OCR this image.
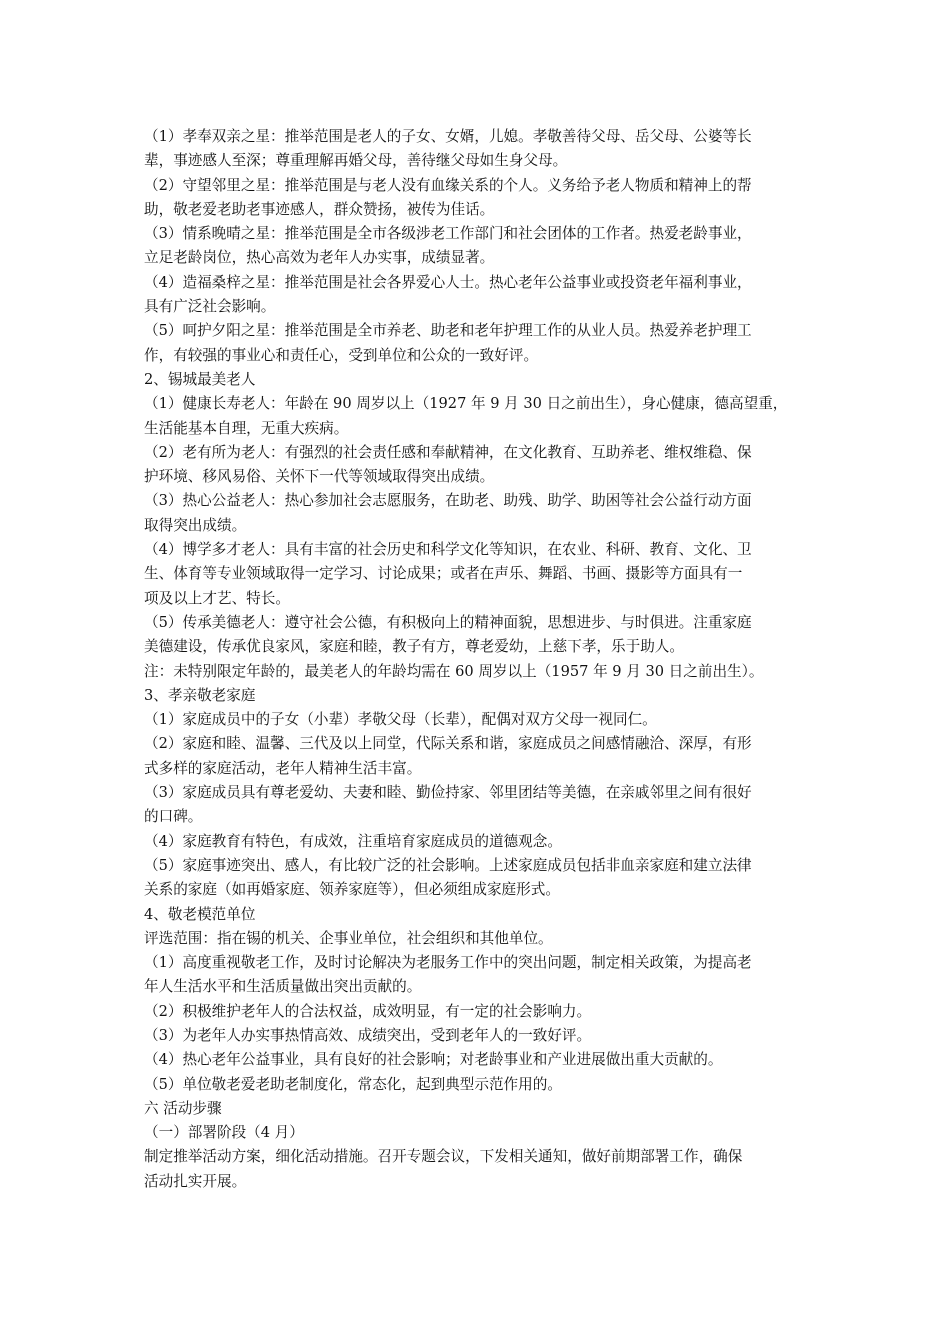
（1）孝奉双亲之星：推举范围是老人的子女、女婿，儿媳。孝敬善待父母、岳父母、公婆等长
辈，事迹感人至深；尊重理解再婚父母，善待继父母如生身父母。
（2）守望邻里之星：推举范围是与老人没有血缘关系的个人。义务给予老人物质和精神上的帮
助，敬老爱老助老事迹感人，群众赞扬，被传为佳话。
（3）情系晚晴之星：推举范围是全市各级涉老工作部门和社会团体的工作者。热爱老龄事业，
立足老龄岗位，热心高效为老年人办实事，成绩显著。
（4）造福桑梓之星：推举范围是社会各界爱心人士。热心老年公益事业或投资老年福利事业，
具有广泛社会影响。
（5）呵护夕阳之星：推举范围是全市养老、助老和老年护理工作的从业人员。热爱养老护理工
作，有较强的事业心和责任心，受到单位和公众的一致好评。
2、锡城最美老人
（1）健康长寿老人：年龄在 90 周岁以上（1927 年 9 月 30 日之前出生），身心健康，德高望重，
生活能基本自理，无重大疾病。
（2）老有所为老人：有强烈的社会责任感和奉献精神，在文化教育、互助养老、维权维稳、保
护环境、移风易俗、关怀下一代等领域取得突出成绩。
（3）热心公益老人：热心参加社会志愿服务，在助老、助残、助学、助困等社会公益行动方面
取得突出成绩。
（4）博学多才老人：具有丰富的社会历史和科学文化等知识，在农业、科研、教育、文化、卫
生、体育等专业领域取得一定学习、讨论成果；或者在声乐、舞蹈、书画、摄影等方面具有一
项及以上才艺、特长。
（5）传承美德老人：遵守社会公德，有积极向上的精神面貌，思想进步、与时俱进。注重家庭
美德建设，传承优良家风，家庭和睦，教子有方，尊老爱幼，上慈下孝，乐于助人。
注：未特别限定年龄的，最美老人的年龄均需在 60 周岁以上（1957 年 9 月 30 日之前出生）。
3、孝亲敬老家庭
（1）家庭成员中的子女（小辈）孝敬父母（长辈），配偶对双方父母一视同仁。
（2）家庭和睦、温馨、三代及以上同堂，代际关系和谐，家庭成员之间感情融洽、深厚，有形
式多样的家庭活动，老年人精神生活丰富。
（3）家庭成员具有尊老爱幼、夫妻和睦、勤俭持家、邻里团结等美德，在亲戚邻里之间有很好
的口碑。
（4）家庭教育有特色，有成效，注重培育家庭成员的道德观念。
（5）家庭事迹突出、感人，有比较广泛的社会影响。上述家庭成员包括非血亲家庭和建立法律
关系的家庭（如再婚家庭、领养家庭等），但必须组成家庭形式。
4、敬老模范单位
评选范围：指在锡的机关、企事业单位，社会组织和其他单位。
（1）高度重视敬老工作，及时讨论解决为老服务工作中的突出问题，制定相关政策，为提高老
年人生活水平和生活质量做出突出贡献的。
（2）积极维护老年人的合法权益，成效明显，有一定的社会影响力。
（3）为老年人办实事热情高效、成绩突出，受到老年人的一致好评。
（4）热心老年公益事业，具有良好的社会影响；对老龄事业和产业进展做出重大贡献的。
（5）单位敬老爱老助老制度化，常态化，起到典型示范作用的。
六 活动步骤
（一）部署阶段（4 月）
制定推举活动方案，细化活动措施。召开专题会议，下发相关通知，做好前期部署工作，确保
活动扎实开展。
